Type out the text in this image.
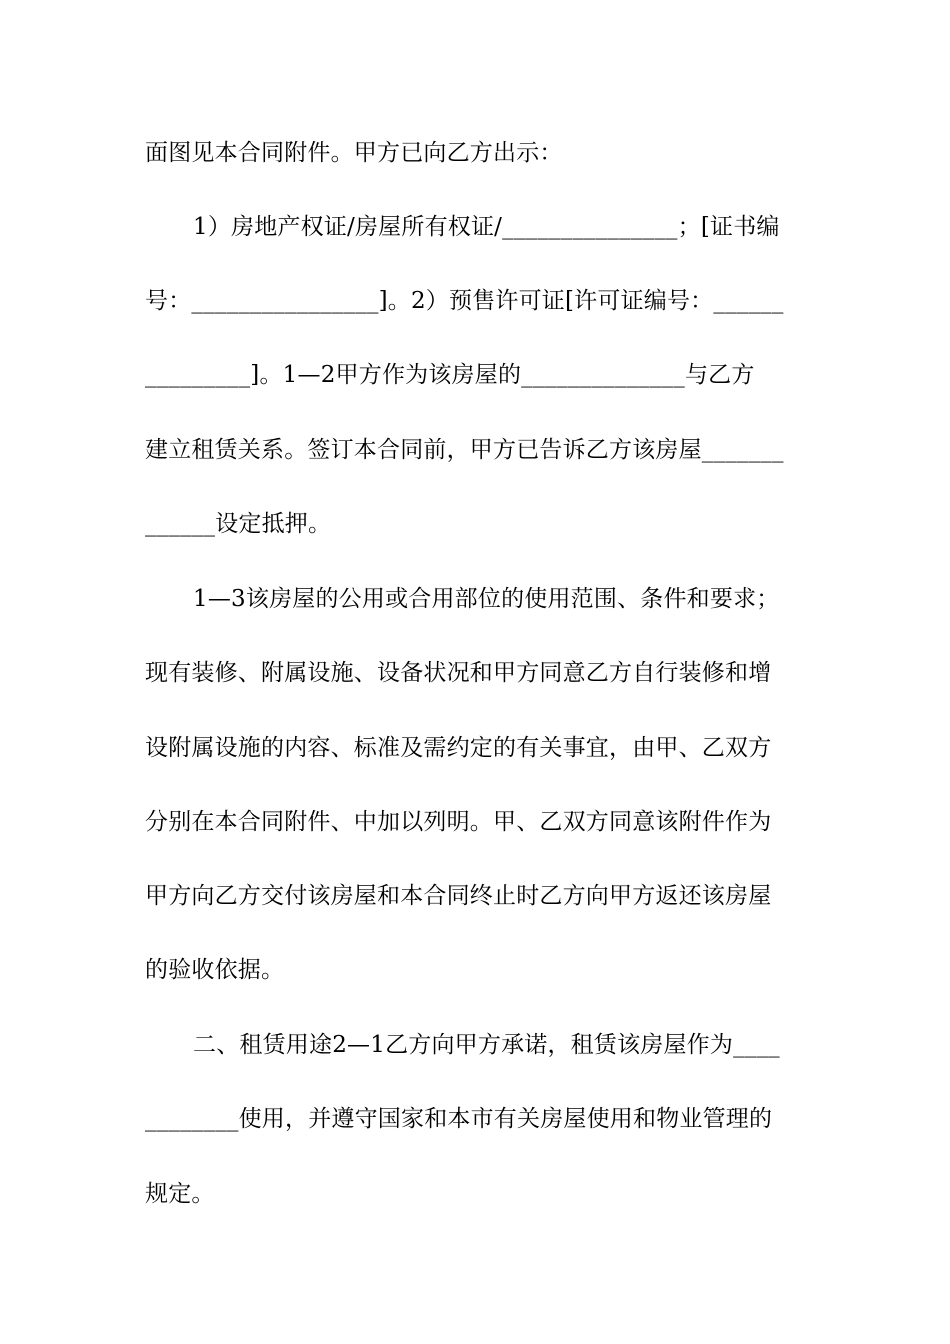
面图见本合同附件。甲方已向乙方出示：
1）房地产权证/房屋所有权证/_______________；[证书编
号：________________]。2）预售许可证[许可证编号：______
_________]。1—2甲方作为该房屋的______________与乙方
建立租赁关系。签订本合同前，甲方已告诉乙方该房屋_______
______设定抵押。
1—3该房屋的公用或合用部位的使用范围、条件和要求；
现有装修、附属设施、设备状况和甲方同意乙方自行装修和增
设附属设施的内容、标准及需约定的有关事宜，由甲、乙双方
分别在本合同附件、中加以列明。甲、乙双方同意该附件作为
甲方向乙方交付该房屋和本合同终止时乙方向甲方返还该房屋
的验收依据。
二、租赁用途2—1乙方向甲方承诺，租赁该房屋作为____
________使用，并遵守国家和本市有关房屋使用和物业管理的
规定。
